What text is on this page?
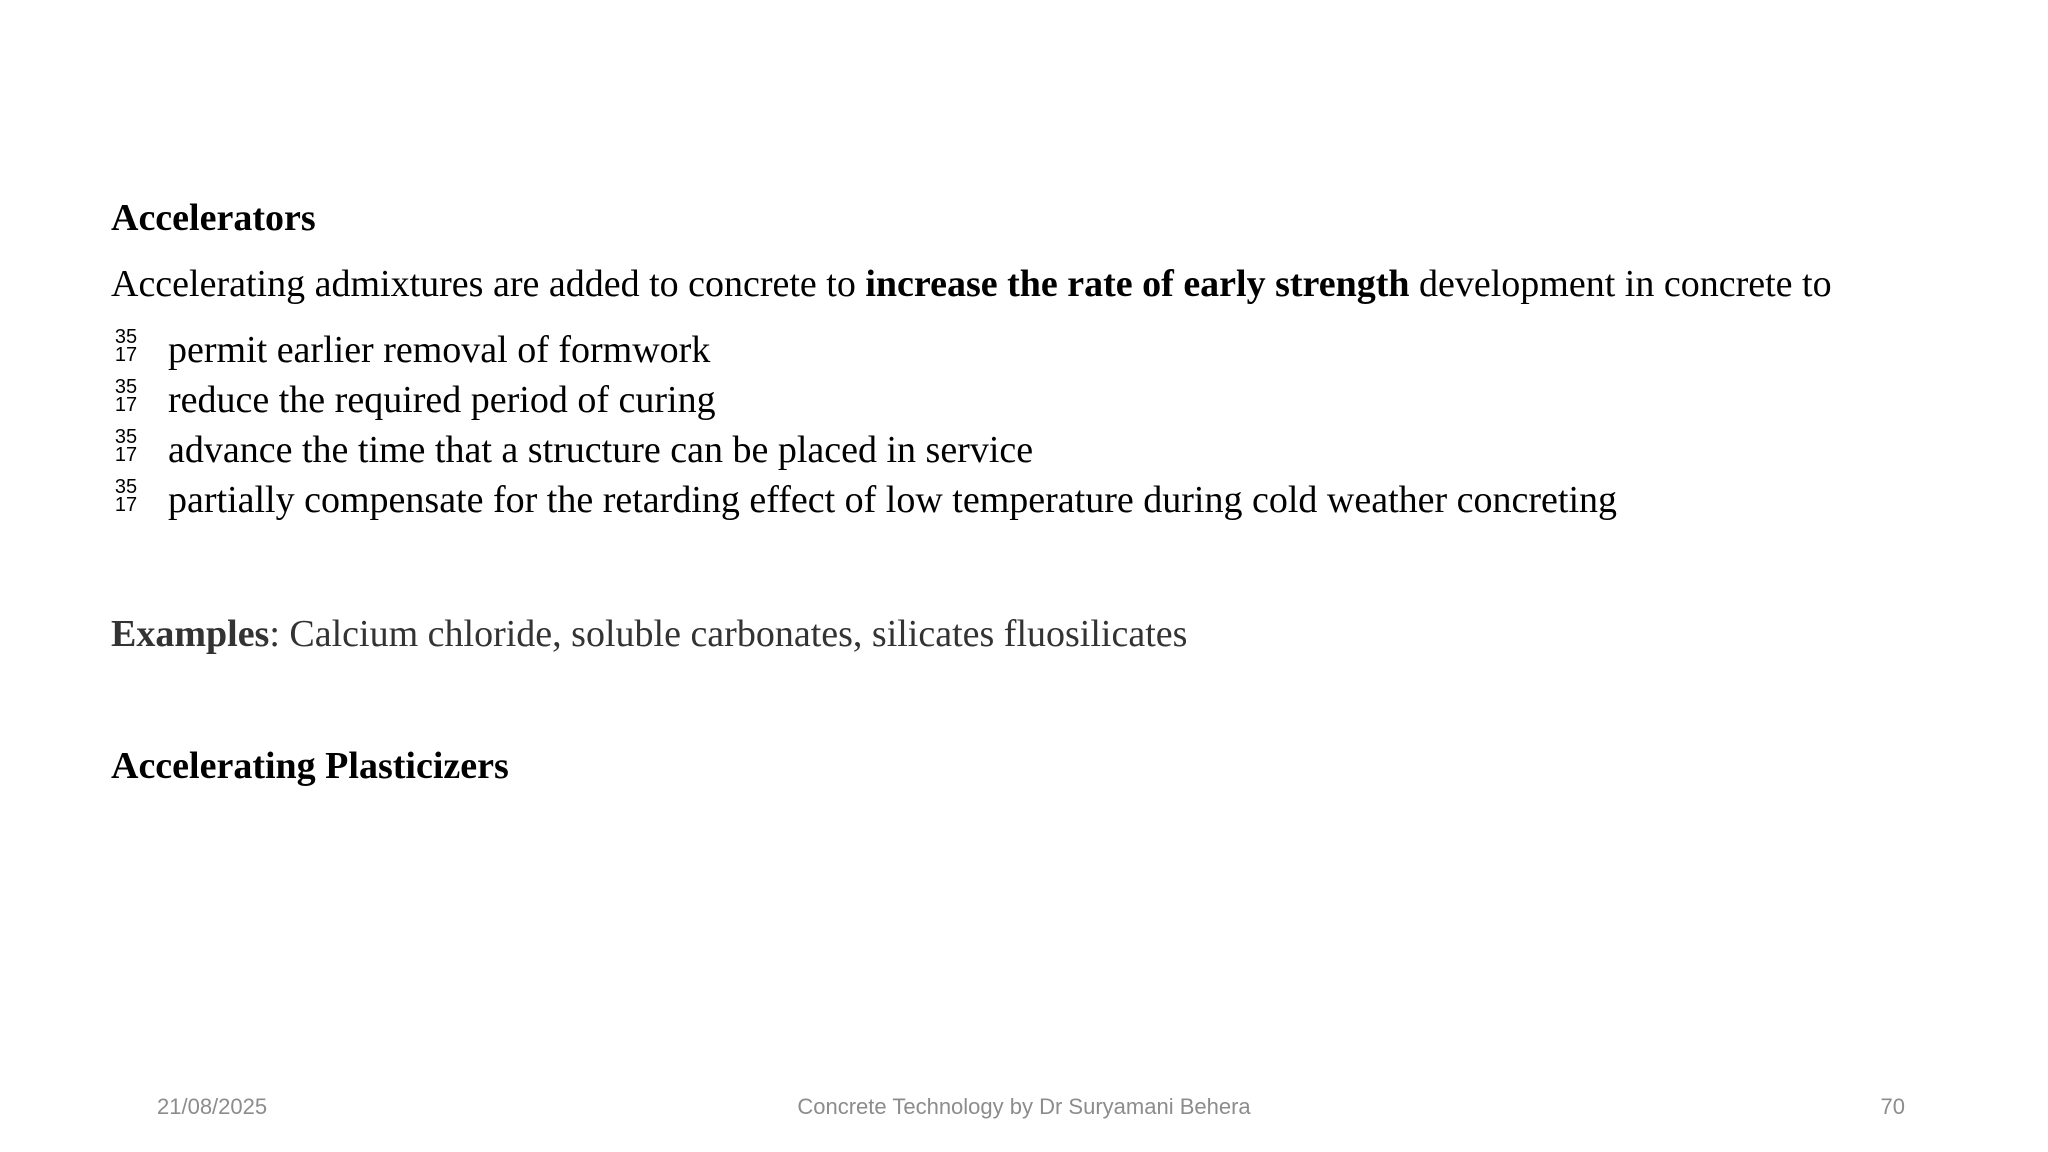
Accelerators
Accelerating admixtures are added to concrete to increase the rate of early strength development in concrete to
35
17 permit earlier removal of formwork
35
17 reduce the required period of curing
35
17 advance the time that a structure can be placed in service
35
17 partially compensate for the retarding effect of low temperature during cold weather concreting
Examples: Calcium chloride, soluble carbonates, silicates fluosilicates
Accelerating Plasticizers
21/08/2025	Concrete Technology by Dr Suryamani Behera	70
